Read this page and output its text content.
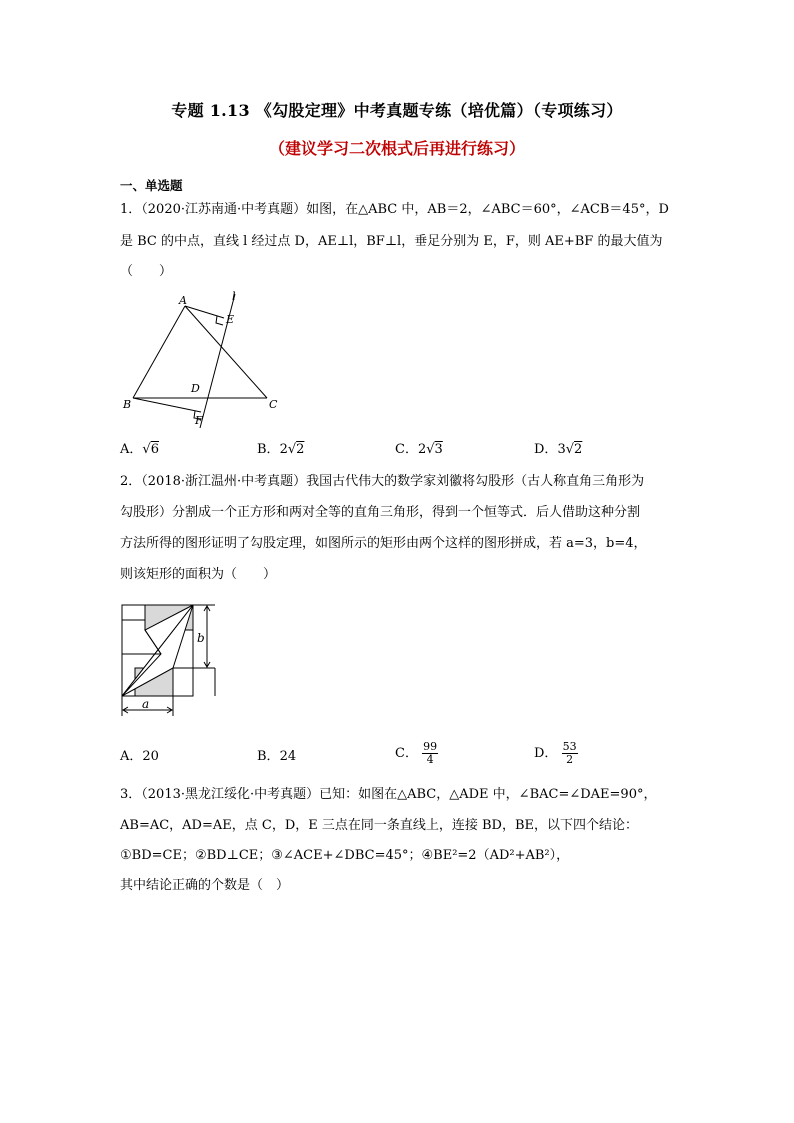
专题 1.13 《勾股定理》中考真题专练（培优篇）（专项练习）
（建议学习二次根式后再进行练习）
一、单选题
1．（2020·江苏南通·中考真题）如图，在△ABC 中，AB＝2，∠ABC＝60°，∠ACB＝45°，D
是 BC 的中点，直线 l 经过点 D，AE⊥l，BF⊥l，垂足分别为 E，F，则 AE+BF 的最大值为
（　　）
A	l
E
D
B	C
F
A．√6	B．2√2	C．2√3	D．3√2
2．（2018·浙江温州·中考真题）我国古代伟大的数学家刘徽将勾股形（古人称直角三角形为
勾股形）分割成一个正方形和两对全等的直角三角形，得到一个恒等式．后人借助这种分割
方法所得的图形证明了勾股定理，如图所示的矩形由两个这样的图形拼成，若 a=3，b=4，
则该矩形的面积为（　　）
b
a
A．20	B．24	C． $\frac{99}{4}$	D． $\frac{53}{2}$
3．（2013·黑龙江绥化·中考真题）已知：如图在△ABC，△ADE 中，∠BAC=∠DAE=90°，
AB=AC，AD=AE，点 C，D，E 三点在同一条直线上，连接 BD，BE，以下四个结论：
①BD=CE；②BD⊥CE；③∠ACE+∠DBC=45°；④BE²=2（AD²+AB²），
其中结论正确的个数是（　）
